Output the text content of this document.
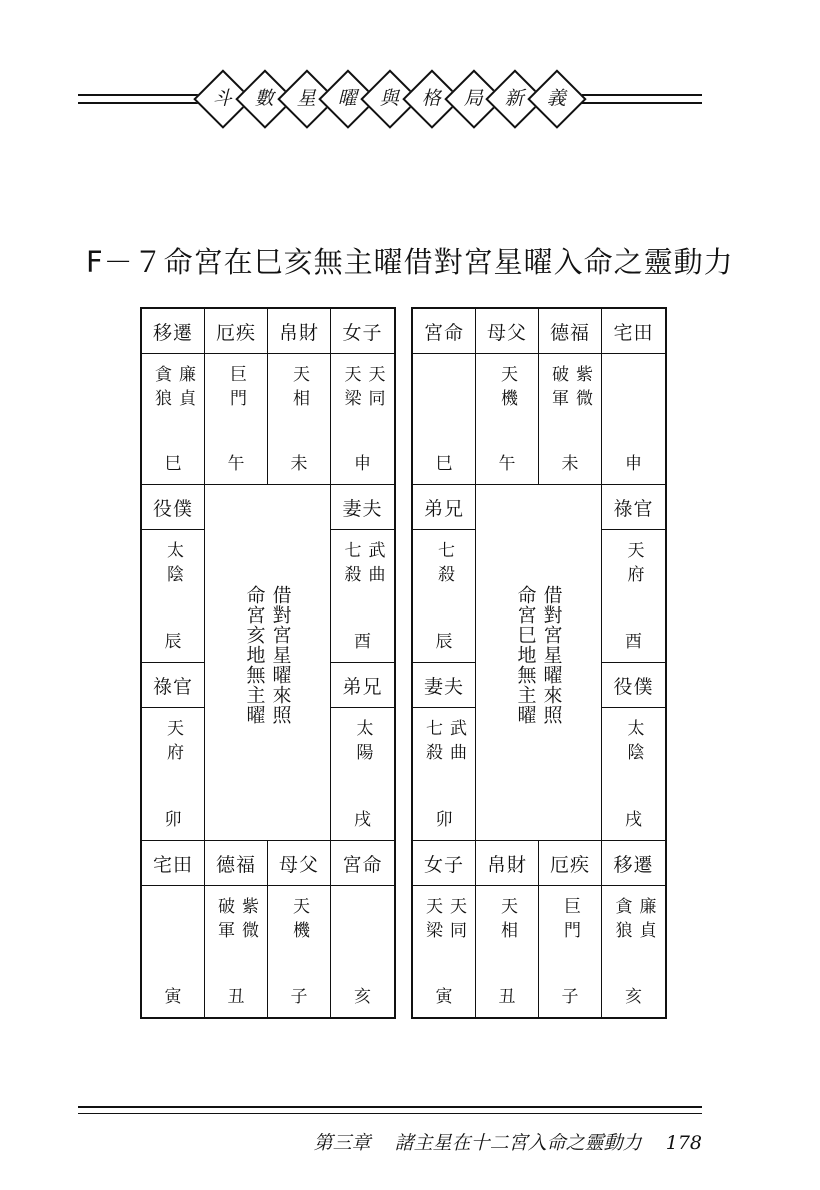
斗 數 星 曜 與 格 局 新 義
F－７命宮在巳亥無主曜借對宮星曜入命之靈動力
移遷
廉貞
貪狼
巳
厄疾
巨門
午
帛財
天相
未
女子
天同
天梁
申
役僕
太陰
辰
妻夫
武曲
七殺
酉
祿官
天府
卯
弟兄
太陽
戌
宅田
寅
德福
紫微
破軍
丑
母父
天機
子
宮命
亥
命宮亥地無主曜 借對宮星曜來照
宮命
巳
母父
天機
午
德福
紫微
破軍
未
宅田
申
弟兄
七殺
辰
祿官
天府
酉
妻夫
武曲
七殺
卯
役僕
太陰
戌
女子
天同
天梁
寅
帛財
天相
丑
厄疾
巨門
子
移遷
廉貞
貪狼
亥
命宮巳地無主曜 借對宮星曜來照
第三章 諸主星在十二宮入命之靈動力 178
